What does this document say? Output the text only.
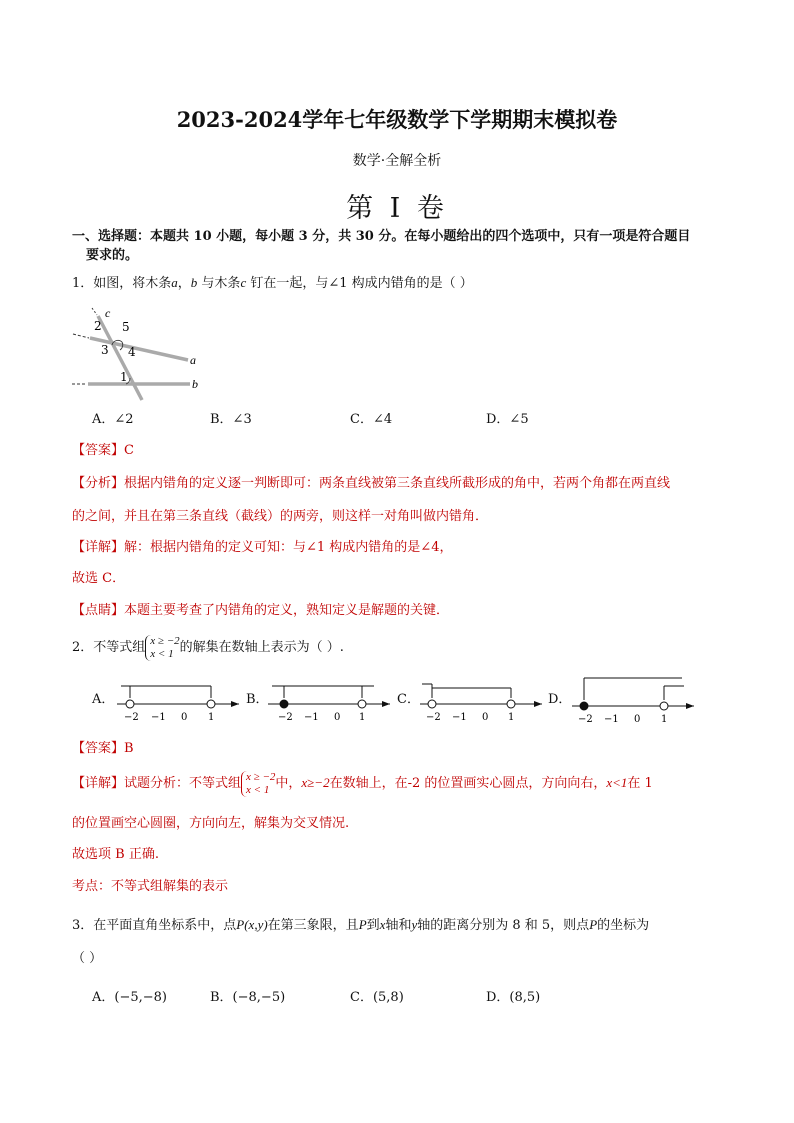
2023-2024学年七年级数学下学期期末模拟卷
数学·全解全析
第 I 卷
一、选择题：本题共 10 小题，每小题 3 分，共 30 分。在每小题给出的四个选项中，只有一项是符合题目
要求的。
1．如图，将木条a，b 与木条c 钉在一起，与∠1 构成内错角的是（ ）
c
2 5
3 4
1
a
b
A．∠2	B．∠3	C．∠4	D．∠5
【答案】C
【分析】根据内错角的定义逐一判断即可：两条直线被第三条直线所截形成的角中，若两个角都在两直线
的之间，并且在第三条直线（截线）的两旁，则这样一对角叫做内错角．
【详解】解：根据内错角的定义可知：与∠1 构成内错角的是∠4，
故选 C．
【点睛】本题主要考查了内错角的定义，熟知定义是解题的关键．
2．不等式组 x ≥ −2
x < 1 的解集在数轴上表示为（ ）.
A．
−2 −1 0 1
B．
−2 −1 0 1
C．
−2 −1 0 1
D．
−2 −1 0 1
【答案】B
【详解】试题分析：不等式组 x ≥ −2
x < 1 中，x≥−2在数轴上，在-2 的位置画实心圆点，方向向右，x<1在 1
的位置画空心圆圈，方向向左，解集为交叉情况.
故选项 B 正确.
考点：不等式组解集的表示
3．在平面直角坐标系中，点P(x,y)在第三象限，且P到x轴和y轴的距离分别为 8 和 5，则点P的坐标为
（ ）
A．(−5,−8)	B．(−8,−5)	C．(5,8)	D．(8,5)
